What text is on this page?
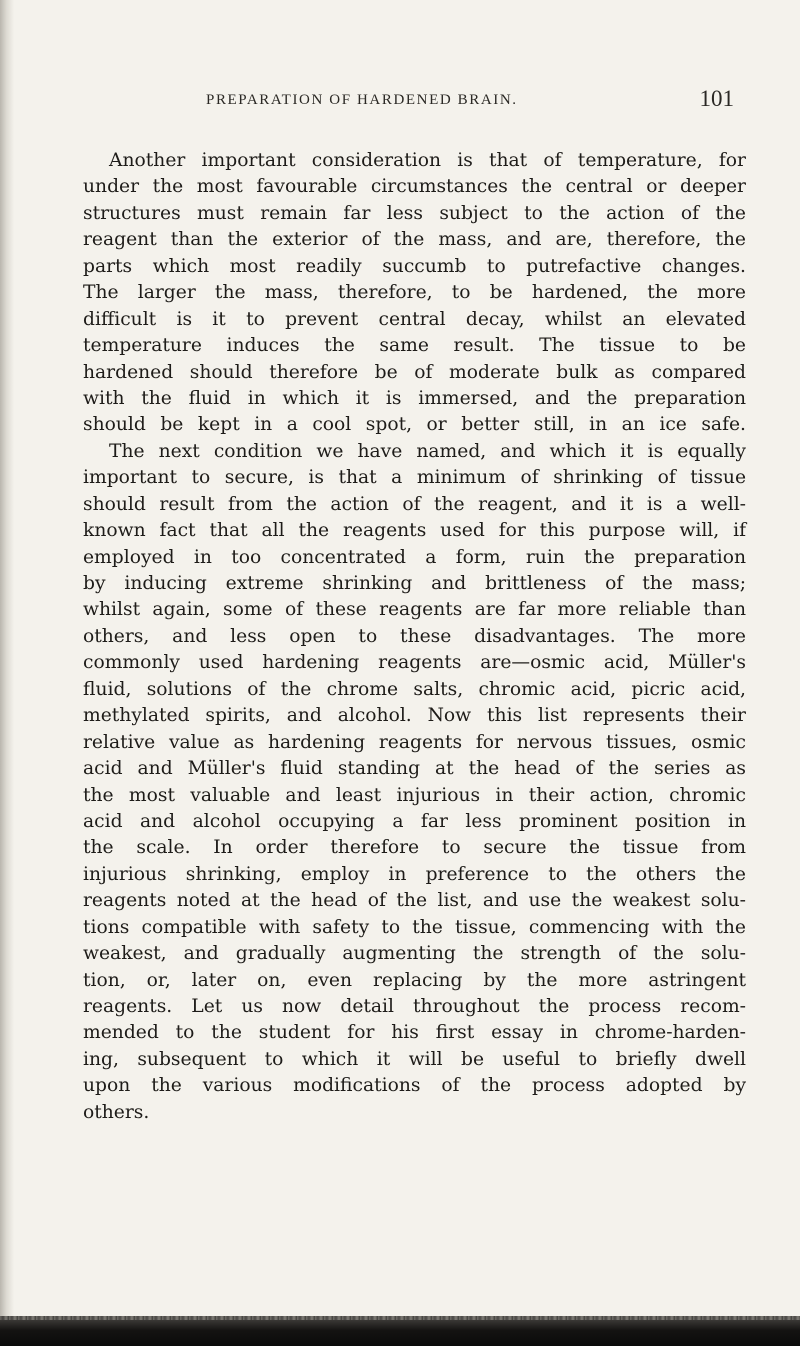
PREPARATION OF HARDENED BRAIN.	101
Another important consideration is that of temperature, for
under the most favourable circumstances the central or deeper
structures must remain far less subject to the action of the
reagent than the exterior of the mass, and are, therefore, the
parts which most readily succumb to putrefactive changes.
The larger the mass, therefore, to be hardened, the more
difficult is it to prevent central decay, whilst an elevated
temperature induces the same result. The tissue to be
hardened should therefore be of moderate bulk as compared
with the fluid in which it is immersed, and the preparation
should be kept in a cool spot, or better still, in an ice safe.
The next condition we have named, and which it is equally
important to secure, is that a minimum of shrinking of tissue
should result from the action of the reagent, and it is a well-
known fact that all the reagents used for this purpose will, if
employed in too concentrated a form, ruin the preparation
by inducing extreme shrinking and brittleness of the mass;
whilst again, some of these reagents are far more reliable than
others, and less open to these disadvantages. The more
commonly used hardening reagents are—osmic acid, Müller's
fluid, solutions of the chrome salts, chromic acid, picric acid,
methylated spirits, and alcohol. Now this list represents their
relative value as hardening reagents for nervous tissues, osmic
acid and Müller's fluid standing at the head of the series as
the most valuable and least injurious in their action, chromic
acid and alcohol occupying a far less prominent position in
the scale. In order therefore to secure the tissue from
injurious shrinking, employ in preference to the others the
reagents noted at the head of the list, and use the weakest solu-
tions compatible with safety to the tissue, commencing with the
weakest, and gradually augmenting the strength of the solu-
tion, or, later on, even replacing by the more astringent
reagents. Let us now detail throughout the process recom-
mended to the student for his first essay in chrome-harden-
ing, subsequent to which it will be useful to briefly dwell
upon the various modifications of the process adopted by
others.
